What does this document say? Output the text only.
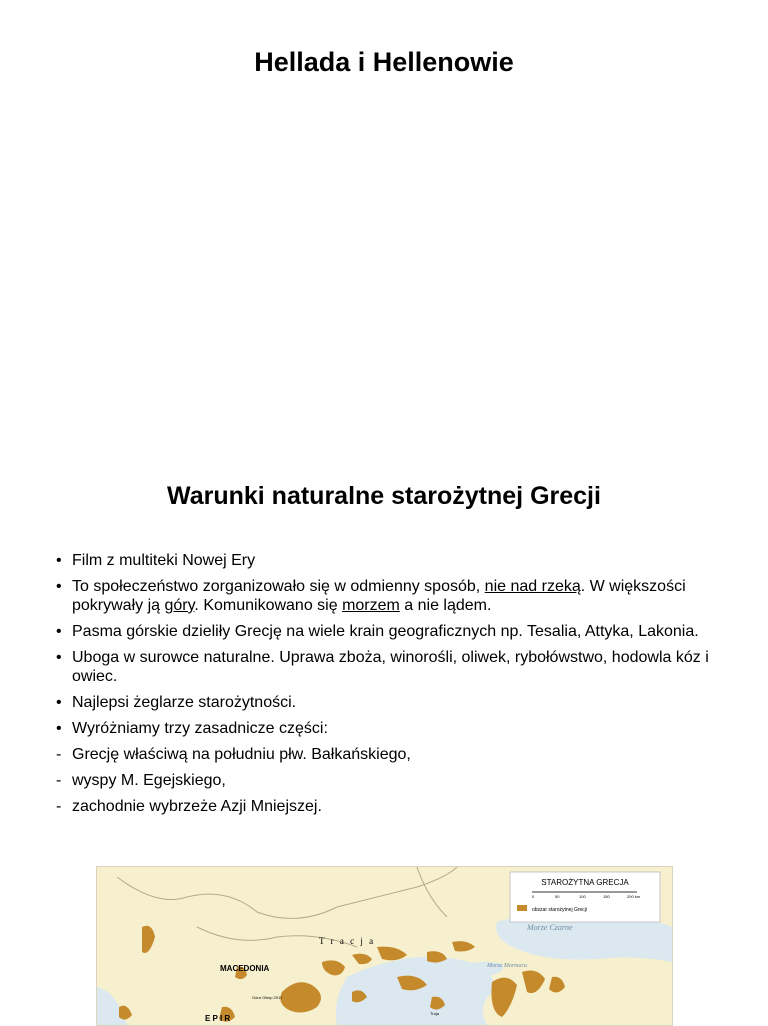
Hellada i Hellenowie
Warunki naturalne starożytnej Grecji
• Film z multiteki Nowej Ery
• To społeczeństwo zorganizowało się w odmienny sposób, nie nad rzeką. W większości pokrywały ją góry. Komunikowano się morzem a nie lądem.
• Pasma górskie dzieliły Grecję na wiele krain geograficznych np. Tesalia, Attyka, Lakonia.
• Uboga w surowce naturalne. Uprawa zboża, winorośli, oliwek, rybołówstwo, hodowla kóz i owiec.
• Najlepsi żeglarze starożytności.
• Wyróżniamy trzy zasadnicze części:
- Grecję właściwą na południu płw. Bałkańskiego,
- wyspy M. Egejskiego,
- zachodnie wybrzeże Azji Mniejszej.
STAROŻYTNA GRECJA
0	50	100	150	200 km
obszar starożytnej Grecji
T r a c j a
Morze Czarne
Morze Marmara
MACEDONIA
E P I R
Góra Olimp 2911
Troja
